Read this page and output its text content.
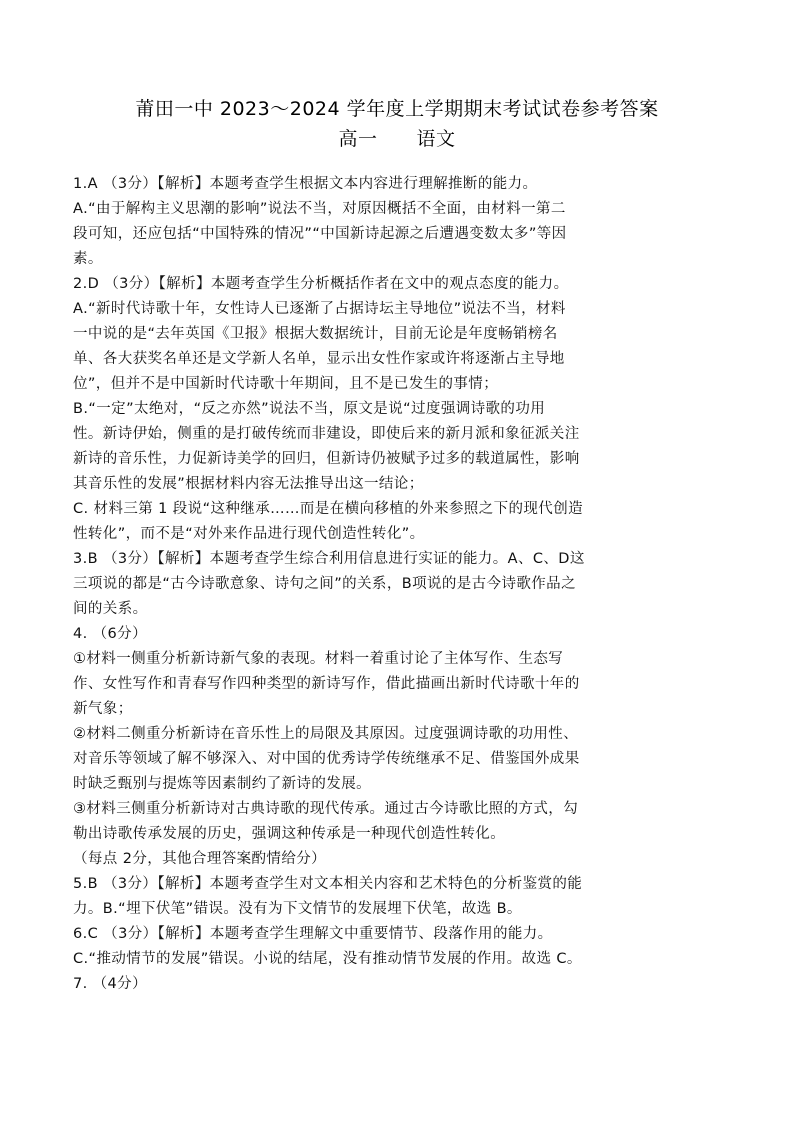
莆田一中 2023～2024 学年度上学期期末考试试卷参考答案
高一　　语文
1.A （3分）【解析】本题考查学生根据文本内容进行理解推断的能力。
A.“由于解构主义思潮的影响”说法不当，对原因概括不全面，由材料一第二
段可知，还应包括“中国特殊的情况”“中国新诗起源之后遭遇变数太多”等因
素。
2.D （3分）【解析】本题考查学生分析概括作者在文中的观点态度的能力。
A.“新时代诗歌十年，女性诗人已逐渐了占据诗坛主导地位”说法不当，材料
一中说的是“去年英国《卫报》根据大数据统计，目前无论是年度畅销榜名
单、各大获奖名单还是文学新人名单，显示出女性作家或许将逐渐占主导地
位”，但并不是中国新时代诗歌十年期间，且不是已发生的事情；
B.“一定”太绝对，“反之亦然”说法不当，原文是说“过度强调诗歌的功用
性。新诗伊始，侧重的是打破传统而非建设，即使后来的新月派和象征派关注
新诗的音乐性，力促新诗美学的回归，但新诗仍被赋予过多的载道属性，影响
其音乐性的发展”根据材料内容无法推导出这一结论；
C. 材料三第 1 段说“这种继承……而是在横向移植的外来参照之下的现代创造
性转化”，而不是“对外来作品进行现代创造性转化”。
3.B （3分）【解析】本题考查学生综合利用信息进行实证的能力。A、C、D这
三项说的都是“古今诗歌意象、诗句之间”的关系，B项说的是古今诗歌作品之
间的关系。
4. （6分）
①材料一侧重分析新诗新气象的表现。材料一着重讨论了主体写作、生态写
作、女性写作和青春写作四种类型的新诗写作，借此描画出新时代诗歌十年的
新气象；
②材料二侧重分析新诗在音乐性上的局限及其原因。过度强调诗歌的功用性、
对音乐等领域了解不够深入、对中国的优秀诗学传统继承不足、借鉴国外成果
时缺乏甄别与提炼等因素制约了新诗的发展。
③材料三侧重分析新诗对古典诗歌的现代传承。通过古今诗歌比照的方式，勾
勒出诗歌传承发展的历史，强调这种传承是一种现代创造性转化。
（每点 2分，其他合理答案酌情给分）
5.B （3分）【解析】本题考查学生对文本相关内容和艺术特色的分析鉴赏的能
力。B.“埋下伏笔”错误。没有为下文情节的发展埋下伏笔，故选 B。
6.C （3分）【解析】本题考查学生理解文中重要情节、段落作用的能力。
C.“推动情节的发展”错误。小说的结尾，没有推动情节发展的作用。故选 C。
7. （4分）
